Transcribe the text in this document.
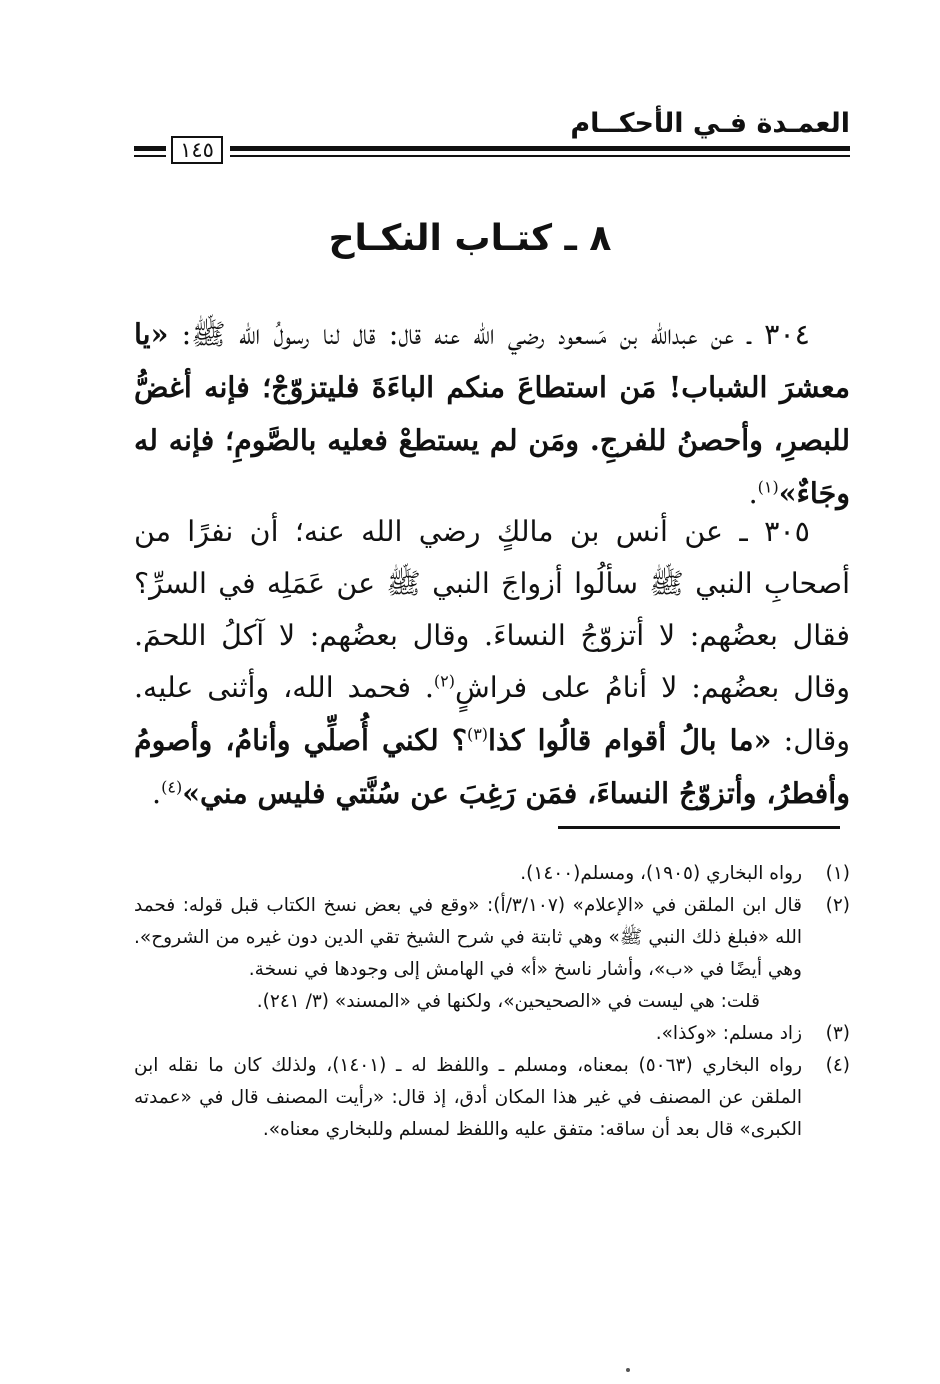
العمـدة فـي الأحكــام
١٤٥
٨ ـ كتـاب النكـاح

٣٠٤ ـ عن عبدالله بن مَسعود رضي الله عنه قال: قال لنا رسولُ الله ﷺ: «يا معشرَ الشباب! مَن استطاعَ منكم الباءَةَ فليتزوّجْ؛ فإنه أغضُّ للبصرِ، وأحصنُ للفرجِ. ومَن لم يستطعْ فعليه بالصَّومِ؛ فإنه له وجَاءٌ»$^{(١)}$.

٣٠٥ ـ عن أنس بن مالكٍ رضي الله عنه؛ أن نفرًا من أصحابِ النبي ﷺ سألُوا أزواجَ النبي ﷺ عن عَمَلِه في السرِّ؟ فقال بعضُهم: لا أتزوّجُ النساءَ. وقال بعضُهم: لا آكلُ اللحمَ. وقال بعضُهم: لا أنامُ على فراشٍ$^{(٢)}$. فحمد الله، وأثنى عليه. وقال: «ما بالُ أقوام قالُوا كذا$^{(٣)}$؟ لكني أُصلِّي وأنامُ، وأصومُ وأفطرُ، وأتزوّجُ النساءَ، فمَن رَغِبَ عن سُنَّتي فليس مني»$^{(٤)}$.

(١)
رواه البخاري (١٩٠٥)، ومسلم(١٤٠٠).
(٢)
قال ابن الملقن في «الإعلام» (٣/١٠٧/أ): «وقع في بعض نسخ الكتاب قبل قوله: فحمد الله «فبلغ ذلك النبي ﷺ» وهي ثابتة في شرح الشيخ تقي الدين دون غيره من الشروح». وهي أيضًا في «ب»، وأشار ناسخ «أ» في الهامش إلى وجودها في نسخة.
قلت: هي ليست في «الصحيحين»، ولكنها في «المسند» (٣/ ٢٤١).
(٣)
زاد مسلم: «وكذا».
(٤)
رواه البخاري (٥٠٦٣) بمعناه، ومسلم ـ واللفظ له ـ (١٤٠١)، ولذلك كان ما نقله ابن الملقن عن المصنف في غير هذا المكان أدق، إذ قال: «رأيت المصنف قال في «عمدته الكبرى» قال بعد أن ساقه: متفق عليه واللفظ لمسلم وللبخاري معناه».
